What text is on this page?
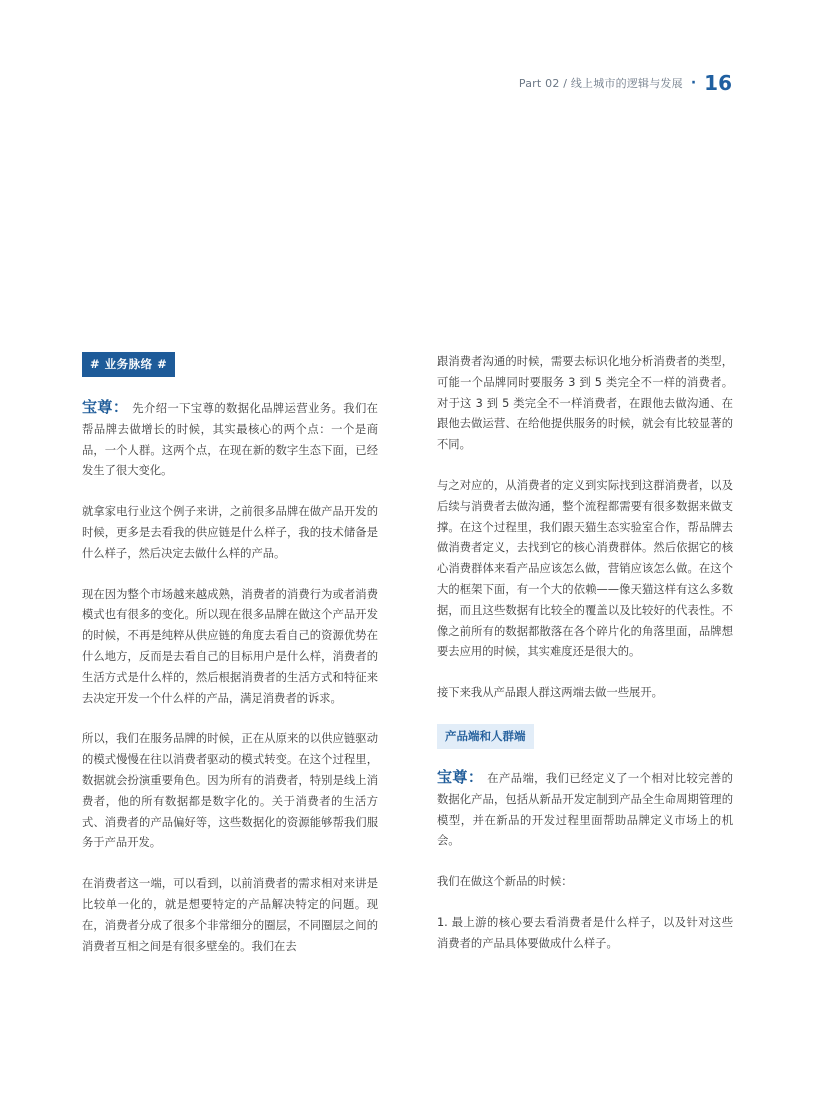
Part 02 / 线上城市的逻辑与发展 · 16
# 业务脉络 #

宝尊： 先介绍一下宝尊的数据化品牌运营业务。我们在帮品牌去做增长的时候，其实最核心的两个点：一个是商品，一个人群。这两个点，在现在新的数字生态下面，已经发生了很大变化。

就拿家电行业这个例子来讲，之前很多品牌在做产品开发的时候，更多是去看我的供应链是什么样子，我的技术储备是什么样子，然后决定去做什么样的产品。

现在因为整个市场越来越成熟，消费者的消费行为或者消费模式也有很多的变化。所以现在很多品牌在做这个产品开发的时候，不再是纯粹从供应链的角度去看自己的资源优势在什么地方，反而是去看自己的目标用户是什么样，消费者的生活方式是什么样的，然后根据消费者的生活方式和特征来去决定开发一个什么样的产品，满足消费者的诉求。

所以，我们在服务品牌的时候，正在从原来的以供应链驱动的模式慢慢在往以消费者驱动的模式转变。在这个过程里，数据就会扮演重要角色。因为所有的消费者，特别是线上消费者，他的所有数据都是数字化的。关于消费者的生活方式、消费者的产品偏好等，这些数据化的资源能够帮我们服务于产品开发。

在消费者这一端，可以看到，以前消费者的需求相对来讲是比较单一化的，就是想要特定的产品解决特定的问题。现在，消费者分成了很多个非常细分的圈层，不同圈层之间的消费者互相之间是有很多壁垒的。我们在去

跟消费者沟通的时候，需要去标识化地分析消费者的类型，可能一个品牌同时要服务 3 到 5 类完全不一样的消费者。对于这 3 到 5 类完全不一样消费者，在跟他去做沟通、在跟他去做运营、在给他提供服务的时候，就会有比较显著的不同。

与之对应的，从消费者的定义到实际找到这群消费者，以及后续与消费者去做沟通，整个流程都需要有很多数据来做支撑。在这个过程里，我们跟天猫生态实验室合作，帮品牌去做消费者定义，去找到它的核心消费群体。然后依据它的核心消费群体来看产品应该怎么做，营销应该怎么做。在这个大的框架下面，有一个大的依赖——像天猫这样有这么多数据，而且这些数据有比较全的覆盖以及比较好的代表性。不像之前所有的数据都散落在各个碎片化的角落里面，品牌想要去应用的时候，其实难度还是很大的。

接下来我从产品跟人群这两端去做一些展开。

产品端和人群端

宝尊： 在产品端，我们已经定义了一个相对比较完善的数据化产品，包括从新品开发定制到产品全生命周期管理的模型，并在新品的开发过程里面帮助品牌定义市场上的机会。

我们在做这个新品的时候：

1. 最上游的核心要去看消费者是什么样子，以及针对这些消费者的产品具体要做成什么样子。
